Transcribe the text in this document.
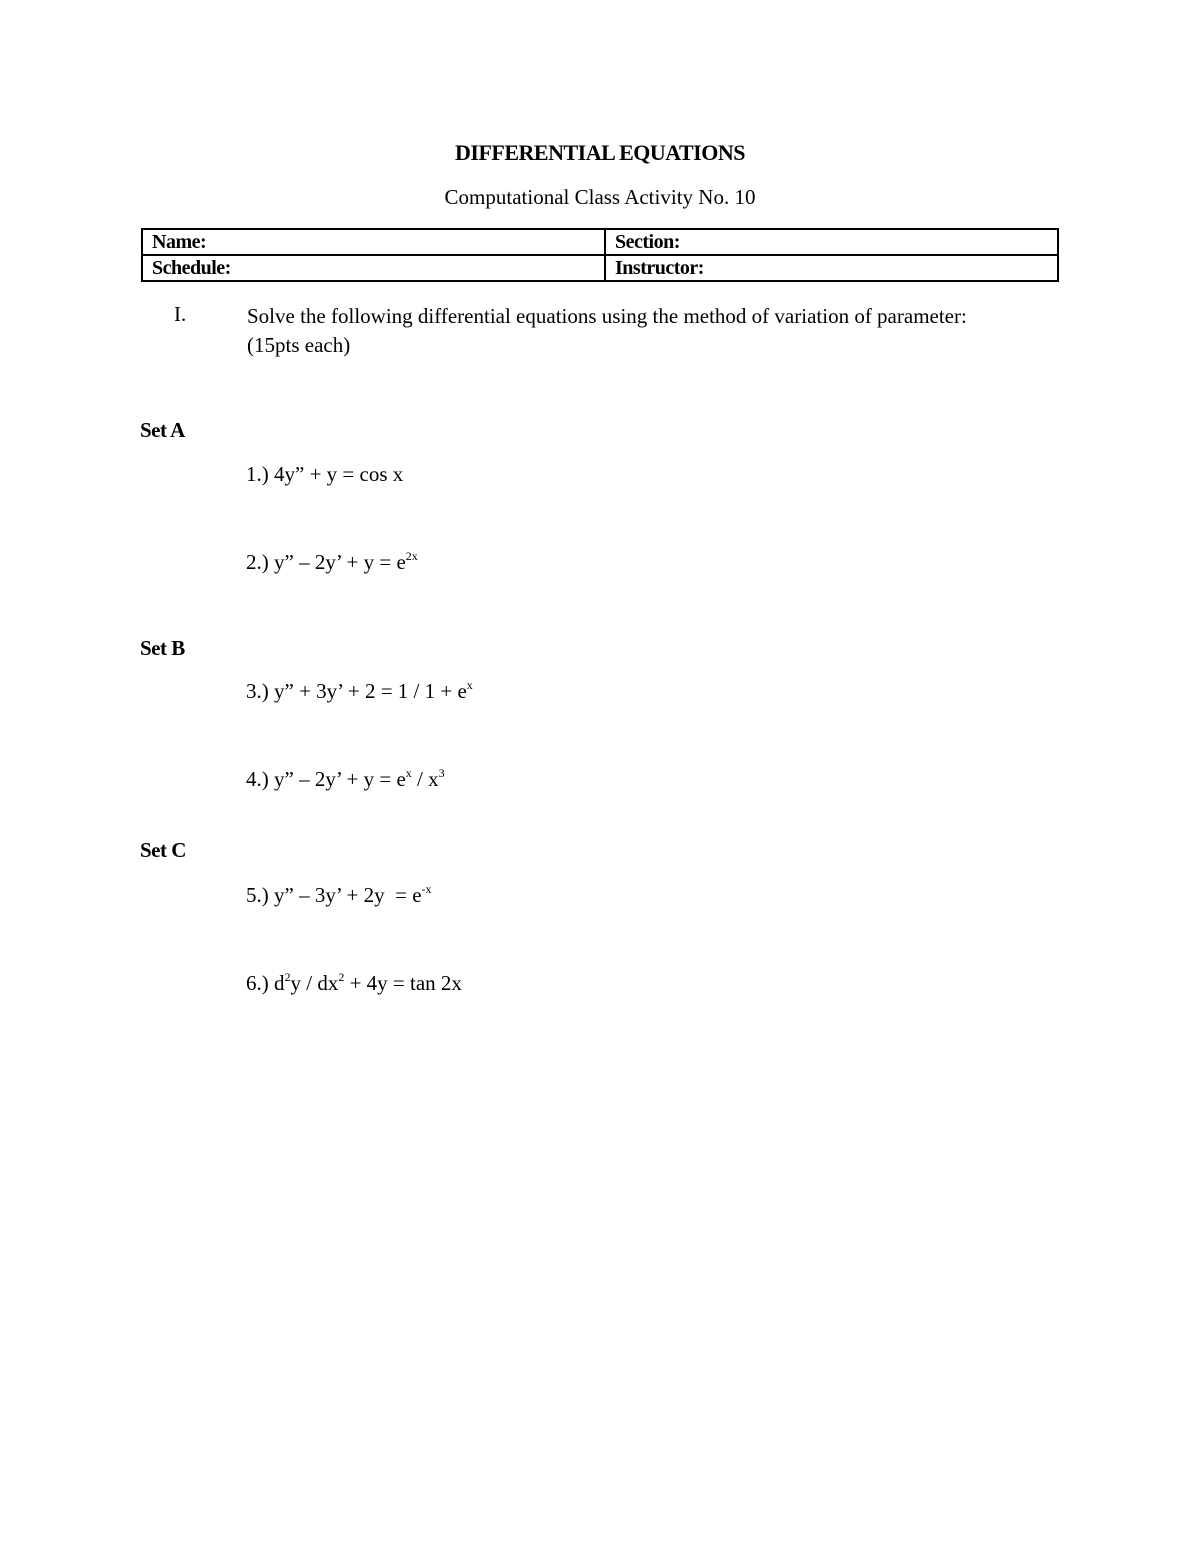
DIFFERENTIAL EQUATIONS
Computational Class Activity No. 10
Name:	Section:
Schedule:	Instructor:
I.	Solve the following differential equations using the method of variation of parameter:
(15pts each)
Set A
1.) 4y” + y = cos x
2.) y” – 2y’ + $y = e^{2x}$
Set B
3.) y” + 3y’ + $2 = 1 / 1 + e^x$
4.) y” – 2y’ + $y = e^x / x^3$
Set C
5.) y” – 3y’ + $2y = e^{-x}$
6.) $d^2y / dx^2 + 4y = \tan 2x$
